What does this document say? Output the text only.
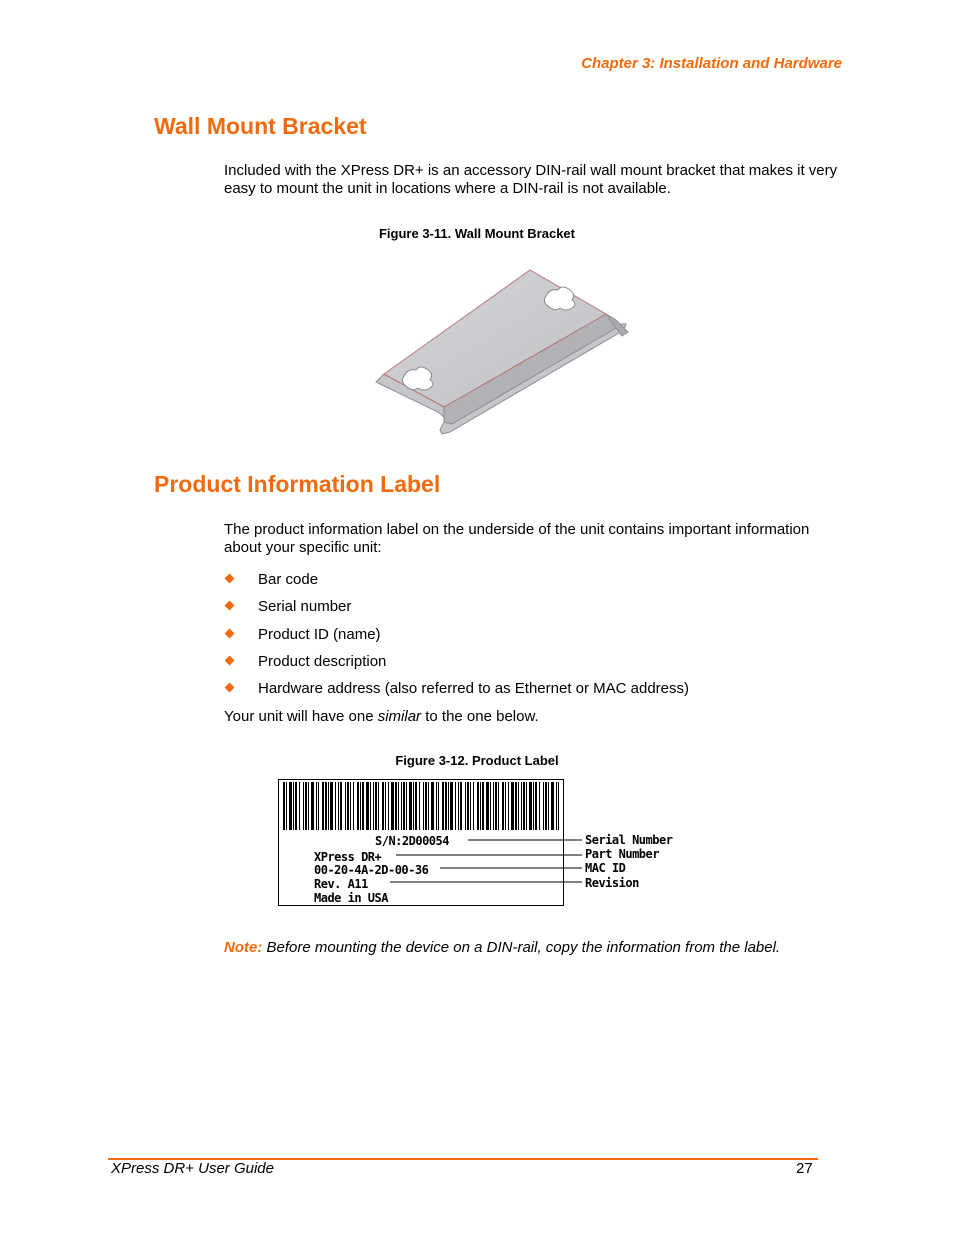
Chapter 3: Installation and Hardware
Wall Mount Bracket
Included with the XPress DR+ is an accessory DIN-rail wall mount bracket that makes it very easy to mount the unit in locations where a DIN-rail is not available.
Figure 3-11. Wall Mount Bracket
Product Information Label
The product information label on the underside of the unit contains important information about your specific unit:
Bar code
Serial number
Product ID (name)
Product description
Hardware address (also referred to as Ethernet or MAC address)
Your unit will have one similar to the one below.
Figure 3-12. Product Label
S/N:2D00054
XPress DR+
00-20-4A-2D-00-36
Rev. A11
Made in USA
Serial Number
Part Number
MAC ID
Revision
Note: Before mounting the device on a DIN-rail, copy the information from the label.
XPress DR+ User Guide	27
